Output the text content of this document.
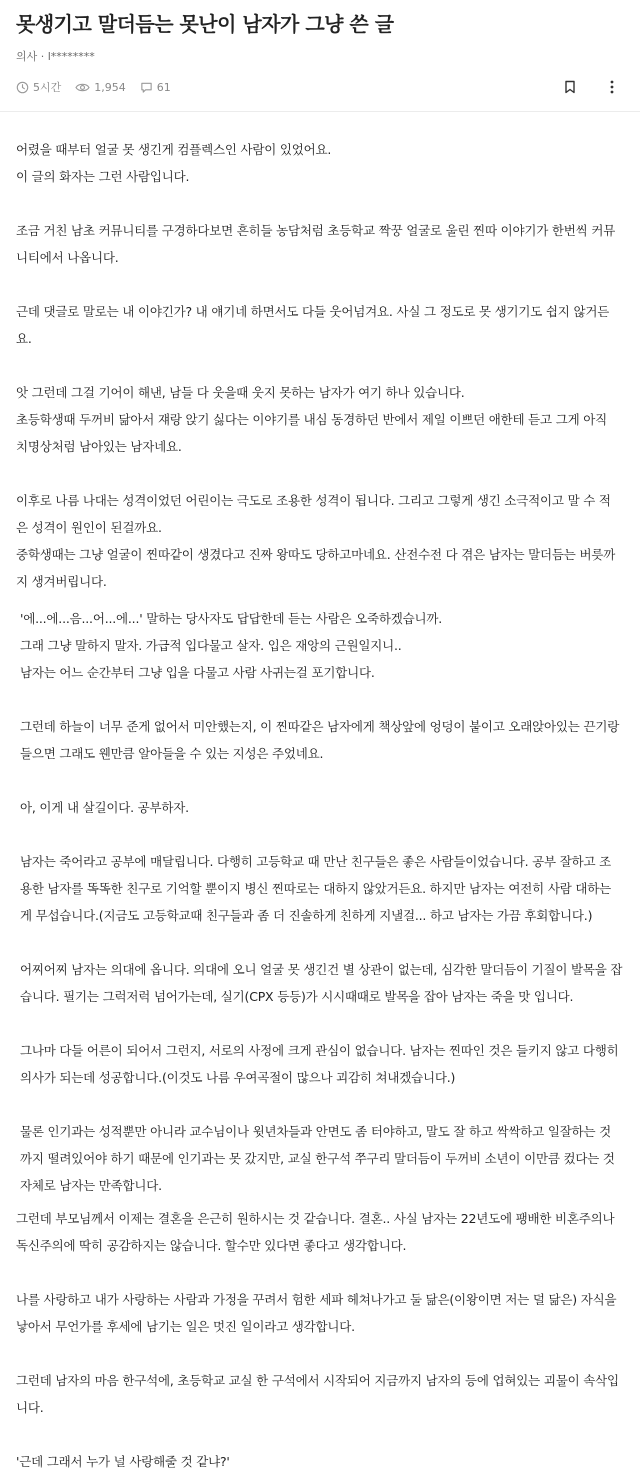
못생기고 말더듬는 못난이 남자가 그냥 쓴 글
의사 · l********
5시간	1,954	61

어렸을 때부터 얼굴 못 생긴게 컴플렉스인 사람이 있었어요.

이 글의 화자는 그런 사람입니다.

조금 거친 남초 커뮤니티를 구경하다보면 흔히들 농담처럼 초등학교 짝꿍 얼굴로 울린 찐따 이야기가 한번씩 커뮤

니티에서 나옵니다.

근데 댓글로 말로는 내 이야긴가? 내 얘기네 하면서도 다들 웃어넘겨요. 사실 그 정도로 못 생기기도 쉽지 않거든

요.

앗 그런데 그걸 기어이 해낸, 남들 다 웃을때 웃지 못하는 남자가 여기 하나 있습니다.

초등학생때 두꺼비 닮아서 쟤랑 앉기 싫다는 이야기를 내심 동경하던 반에서 제일 이쁘던 애한테 듣고 그게 아직

치명상처럼 남아있는 남자네요.

이후로 나름 나대는 성격이었던 어린이는 극도로 조용한 성격이 됩니다. 그리고 그렇게 생긴 소극적이고 말 수 적

은 성격이 원인이 된걸까요.

중학생때는 그냥 얼굴이 찐따같이 생겼다고 진짜 왕따도 당하고마네요. 산전수전 다 겪은 남자는 말더듬는 버릇까

지 생겨버립니다.

'에...에...음...어...에...' 말하는 당사자도 답답한데 듣는 사람은 오죽하겠습니까.

그래 그냥 말하지 말자. 가급적 입다물고 살자. 입은 재앙의 근원일지니..

남자는 어느 순간부터 그냥 입을 다물고 사람 사귀는걸 포기합니다.

그런데 하늘이 너무 준게 없어서 미안했는지, 이 찐따같은 남자에게 책상앞에 엉덩이 붙이고 오래앉아있는 끈기랑

들으면 그래도 웬만큼 알아들을 수 있는 지성은 주었네요.

아, 이게 내 살길이다. 공부하자.

남자는 죽어라고 공부에 매달립니다. 다행히 고등학교 때 만난 친구들은 좋은 사람들이었습니다. 공부 잘하고 조

용한 남자를 똑똑한 친구로 기억할 뿐이지 병신 찐따로는 대하지 않았거든요. 하지만 남자는 여전히 사람 대하는

게 무섭습니다.(지금도 고등학교때 친구들과 좀 더 진솔하게 친하게 지낼걸... 하고 남자는 가끔 후회합니다.)

어찌어찌 남자는 의대에 옵니다. 의대에 오니 얼굴 못 생긴건 별 상관이 없는데, 심각한 말더듬이 기질이 발목을 잡

습니다. 필기는 그럭저럭 넘어가는데, 실기(CPX 등등)가 시시때때로 발목을 잡아 남자는 죽을 맛 입니다.

그나마 다들 어른이 되어서 그런지, 서로의 사정에 크게 관심이 없습니다. 남자는 찐따인 것은 들키지 않고 다행히

의사가 되는데 성공합니다.(이것도 나름 우여곡절이 많으나 괴감히 쳐내겠습니다.)

물론 인기과는 성적뿐만 아니라 교수님이나 윗년차들과 안면도 좀 터야하고, 말도 잘 하고 싹싹하고 일잘하는 것

까지 떨려있어야 하기 때문에 인기과는 못 갔지만, 교실 한구석 쭈구리 말더듬이 두꺼비 소년이 이만큼 컸다는 것

자체로 남자는 만족합니다.

그런데 부모님께서 이제는 결혼을 은근히 원하시는 것 같습니다. 결혼.. 사실 남자는 22년도에 팽배한 비혼주의나

독신주의에 딱히 공감하지는 않습니다. 할수만 있다면 좋다고 생각합니다.

나를 사랑하고 내가 사랑하는 사람과 가정을 꾸려서 험한 세파 헤쳐나가고 둘 닮은(이왕이면 저는 덜 닮은) 자식을

낳아서 무언가를 후세에 남기는 일은 멋진 일이라고 생각합니다.

그런데 남자의 마음 한구석에, 초등학교 교실 한 구석에서 시작되어 지금까지 남자의 등에 업혀있는 괴물이 속삭입

니다.

'근데 그래서 누가 널 사랑해줄 것 같냐?'
